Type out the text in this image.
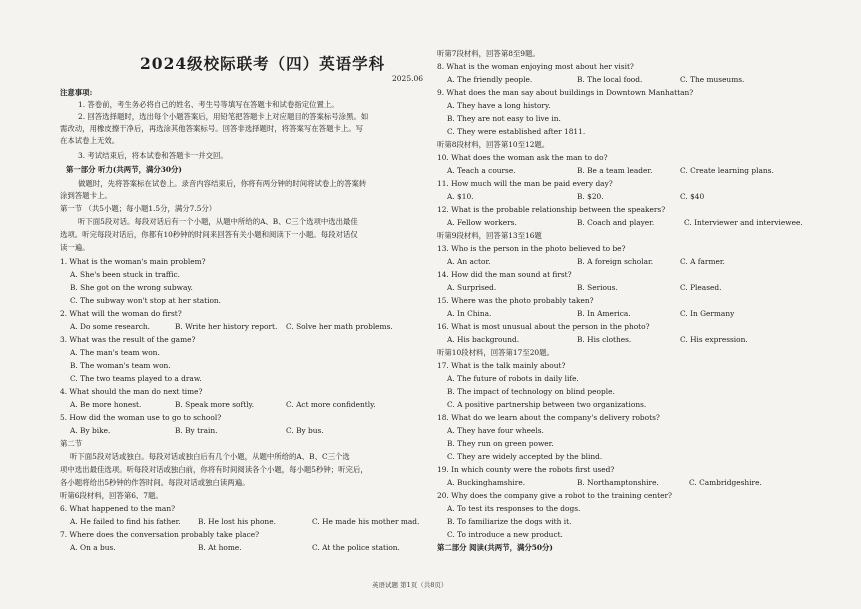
2024级校际联考（四）英语学科
2025.06
注意事项:
1. 答卷前，考生务必将自己的姓名、考生号等填写在答题卡和试卷指定位置上。
2. 回答选择题时，选出每个小题答案后，用铅笔把答题卡上对应题目的答案标号涂黑。如
需改动，用橡皮擦干净后，再选涂其他答案标号。回答非选择题时，将答案写在答题卡上。写
在本试卷上无效。
3. 考试结束后，将本试卷和答题卡一并交回。
第一部分 听力(共两节，满分30分)
做题时，先将答案标在试卷上。录音内容结束后，你将有两分钟的时间将试卷上的答案转
涂到答题卡上。
第一节 （共5小题；每小题1.5分，满分7.5分）
听下面5段对话。每段对话后有一个小题，从题中所给的A、B、C三个选项中选出最佳
选项。听完每段对话后，你都有10秒钟的时间来回答有关小题和阅读下一小题。每段对话仅
读一遍。
1. What is the woman's main problem?
A. She's been stuck in traffic.
B. She got on the wrong subway.
C. The subway won't stop at her station.
2. What will the woman do first?
A. Do some research.	B. Write her history report. C. Solve her math problems.
3. What was the result of the game?
A. The man's team won.
B. The woman's team won.
C. The two teams played to a draw.
4. What should the man do next time?
A. Be more honest.	B. Speak more softly.	C. Act more confidently.
5. How did the woman use to go to school?
A. By bike.	B. By train.	C. By bus.
第二节
听下面5段对话或独白。每段对话或独白后有几个小题，从题中所给的A、B、C三个选
项中选出最佳选项。听每段对话或独白前，你将有时间阅读各个小题，每小题5秒钟；听完后，
各小题将给出5秒钟的作答时间。每段对话或独白读两遍。
听第6段材料，回答第6、7题。
6. What happened to the man?
A. He failed to find his father. B. He lost his phone.	C. He made his mother mad.
7. Where does the conversation probably take place?
A. On a bus.	B. At home.	C. At the police station.
听第7段材料，回答第8至9题。
8. What is the woman enjoying most about her visit?
A. The friendly people.	B. The local food.	C. The museums.
9. What does the man say about buildings in Downtown Manhattan?
A. They have a long history.
B. They are not easy to live in.
C. They were established after 1811.
听第8段材料，回答第10至12题。
10. What does the woman ask the man to do?
A. Teach a course.	B. Be a team leader.	C. Create learning plans.
11. How much will the man be paid every day?
A. $10.	B. $20.	C. $40
12. What is the probable relationship between the speakers?
A. Fellow workers.	B. Coach and player.	C. Interviewer and interviewee.
听第9段材料，回答第13至16题
13. Who is the person in the photo believed to be?
A. An actor.	B. A foreign scholar.	C. A farmer.
14. How did the man sound at first?
A. Surprised.	B. Serious.	C. Pleased.
15. Where was the photo probably taken?
A. In China.	B. In America.	C. In Germany
16. What is most unusual about the person in the photo?
A. His background.	B. His clothes.	C. His expression.
听第10段材料，回答第17至20题。
17. What is the talk mainly about?
A. The future of robots in daily life.
B. The impact of technology on blind people.
C. A positive partnership between two organizations.
18. What do we learn about the company's delivery robots?
A. They have four wheels.
B. They run on green power.
C. They are widely accepted by the blind.
19. In which county were the robots first used?
A. Buckinghamshire.	B. Northamptonshire.	C. Cambridgeshire.
20. Why does the company give a robot to the training center?
A. To test its responses to the dogs.
B. To familiarize the dogs with it.
C. To introduce a new product.
第二部分 阅读(共两节，满分50分)
英语试题 第1页（共8页）
